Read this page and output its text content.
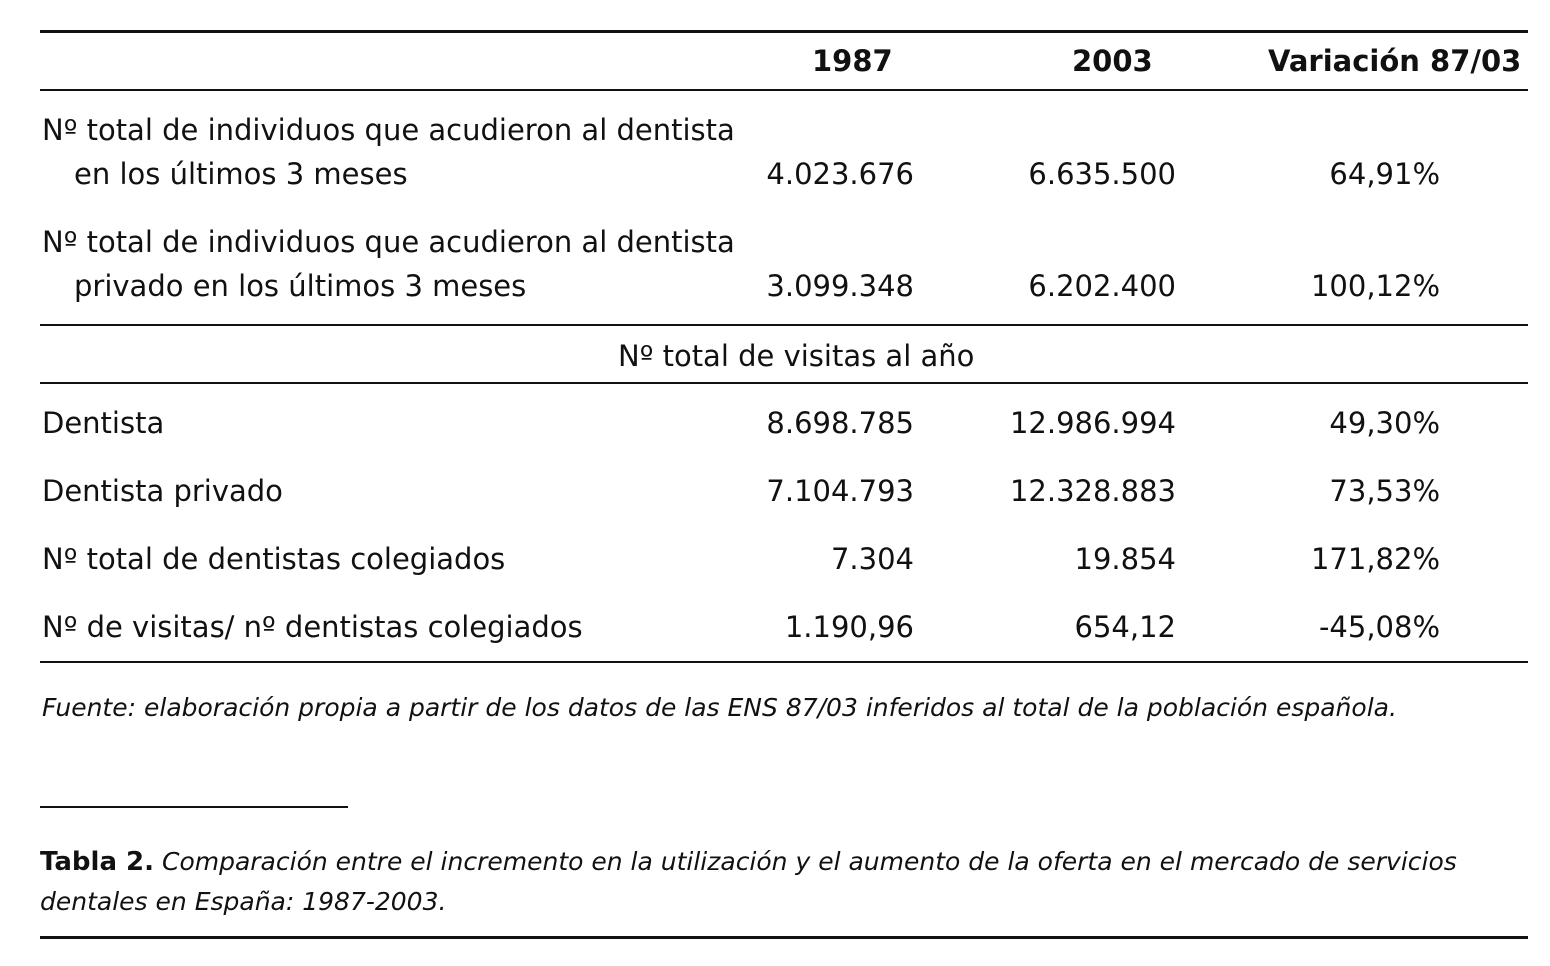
1987	2003	Variación 87/03
Nº total de individuos que acudieron al dentista
en los últimos 3 meses	4.023.676	6.635.500	64,91%
Nº total de individuos que acudieron al dentista
privado en los últimos 3 meses	3.099.348	6.202.400	100,12%
Nº total de visitas al año
Dentista	8.698.785	12.986.994	49,30%
Dentista privado	7.104.793	12.328.883	73,53%
Nº total de dentistas colegiados	7.304	19.854	171,82%
Nº de visitas/ nº dentistas colegiados	1.190,96	654,12	-45,08%
Fuente: elaboración propia a partir de los datos de las ENS 87/03 inferidos al total de la población española.
Tabla 2. Comparación entre el incremento en la utilización y el aumento de la oferta en el mercado de servicios dentales en España: 1987-2003.
